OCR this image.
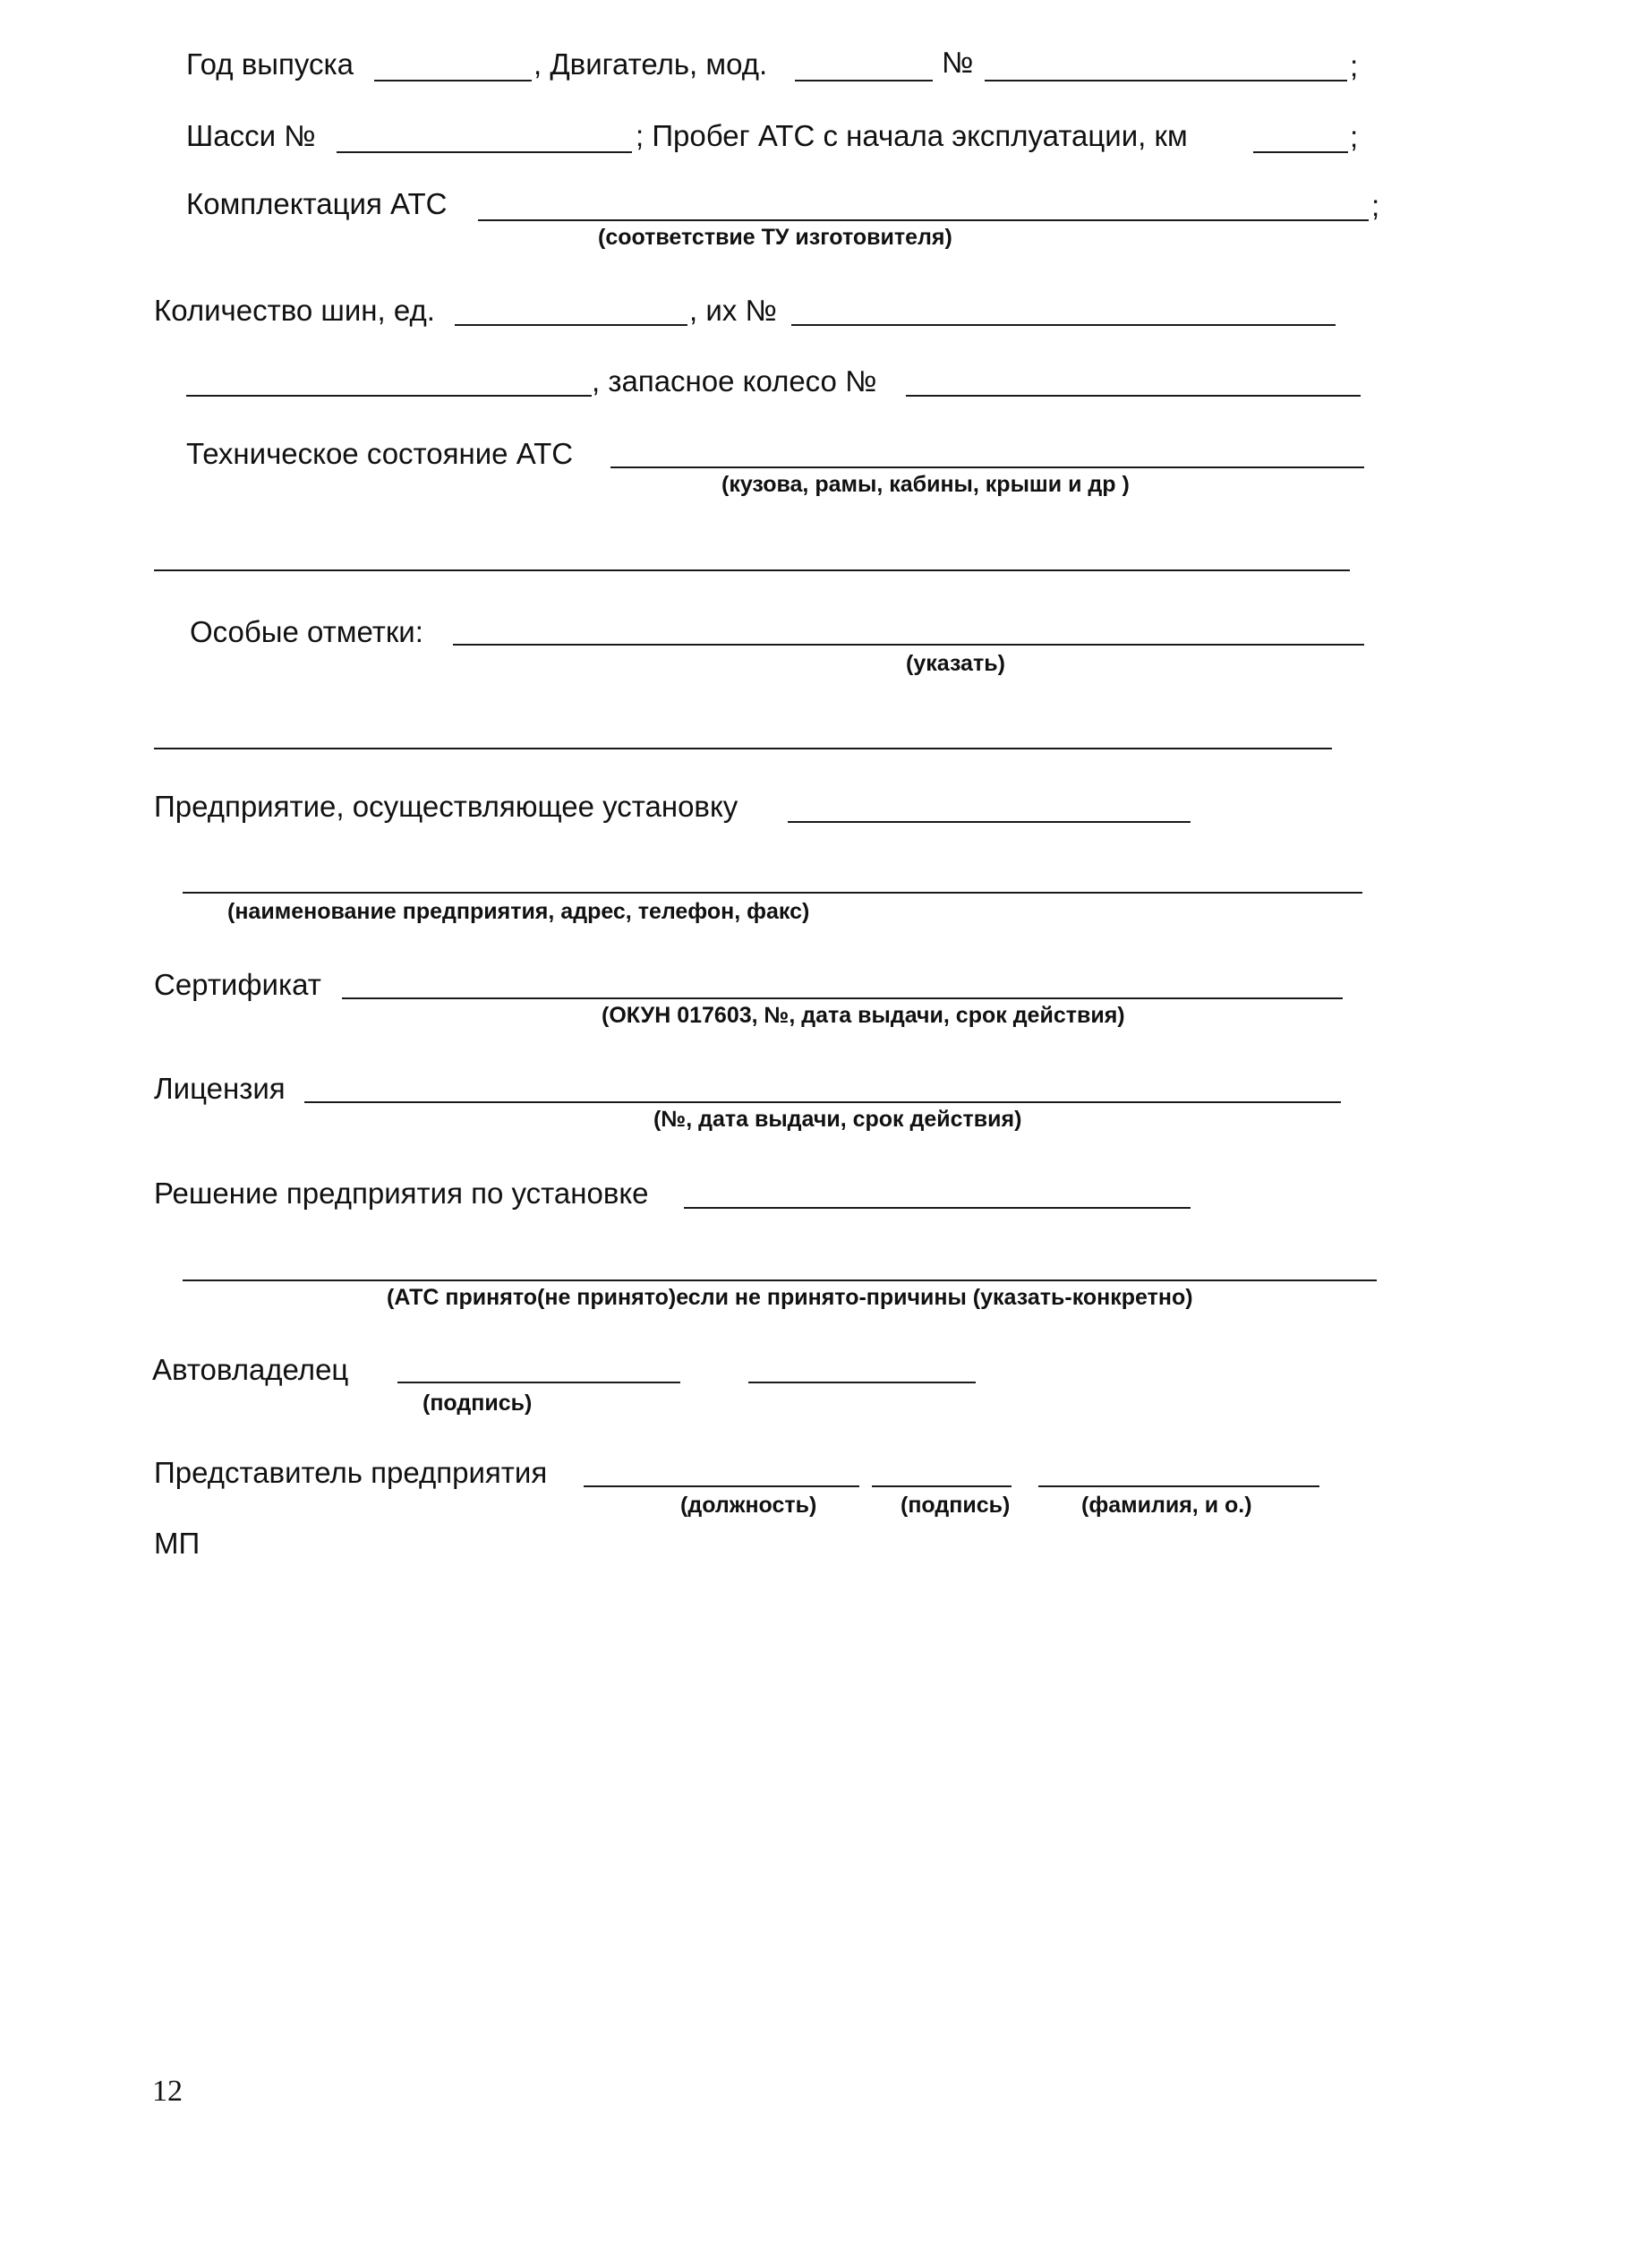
Год выпуска	, Двигатель, мод.	№	;
Шасси №	; Пробег АТС с начала эксплуатации, км	;
Комплектация АТС	;
(соответствие ТУ изготовителя)
Количество шин, ед.	, их №
, запасное колесо №
Техническое состояние АТС
(кузова, рамы, кабины, крыши и др )
Особые отметки:
(указать)
Предприятие, осуществляющее установку
(наименование предприятия, адрес, телефон, факс)
Сертификат
(ОКУН 017603, №, дата выдачи, срок действия)
Лицензия
(№, дата выдачи, срок действия)
Решение предприятия по установке
(АТС принято(не принято)если не принято-причины (указать-конкретно)
Автовладелец
(подпись)
Представитель предприятия
(должность)	(подпись)	(фамилия, и о.)
МП
12
